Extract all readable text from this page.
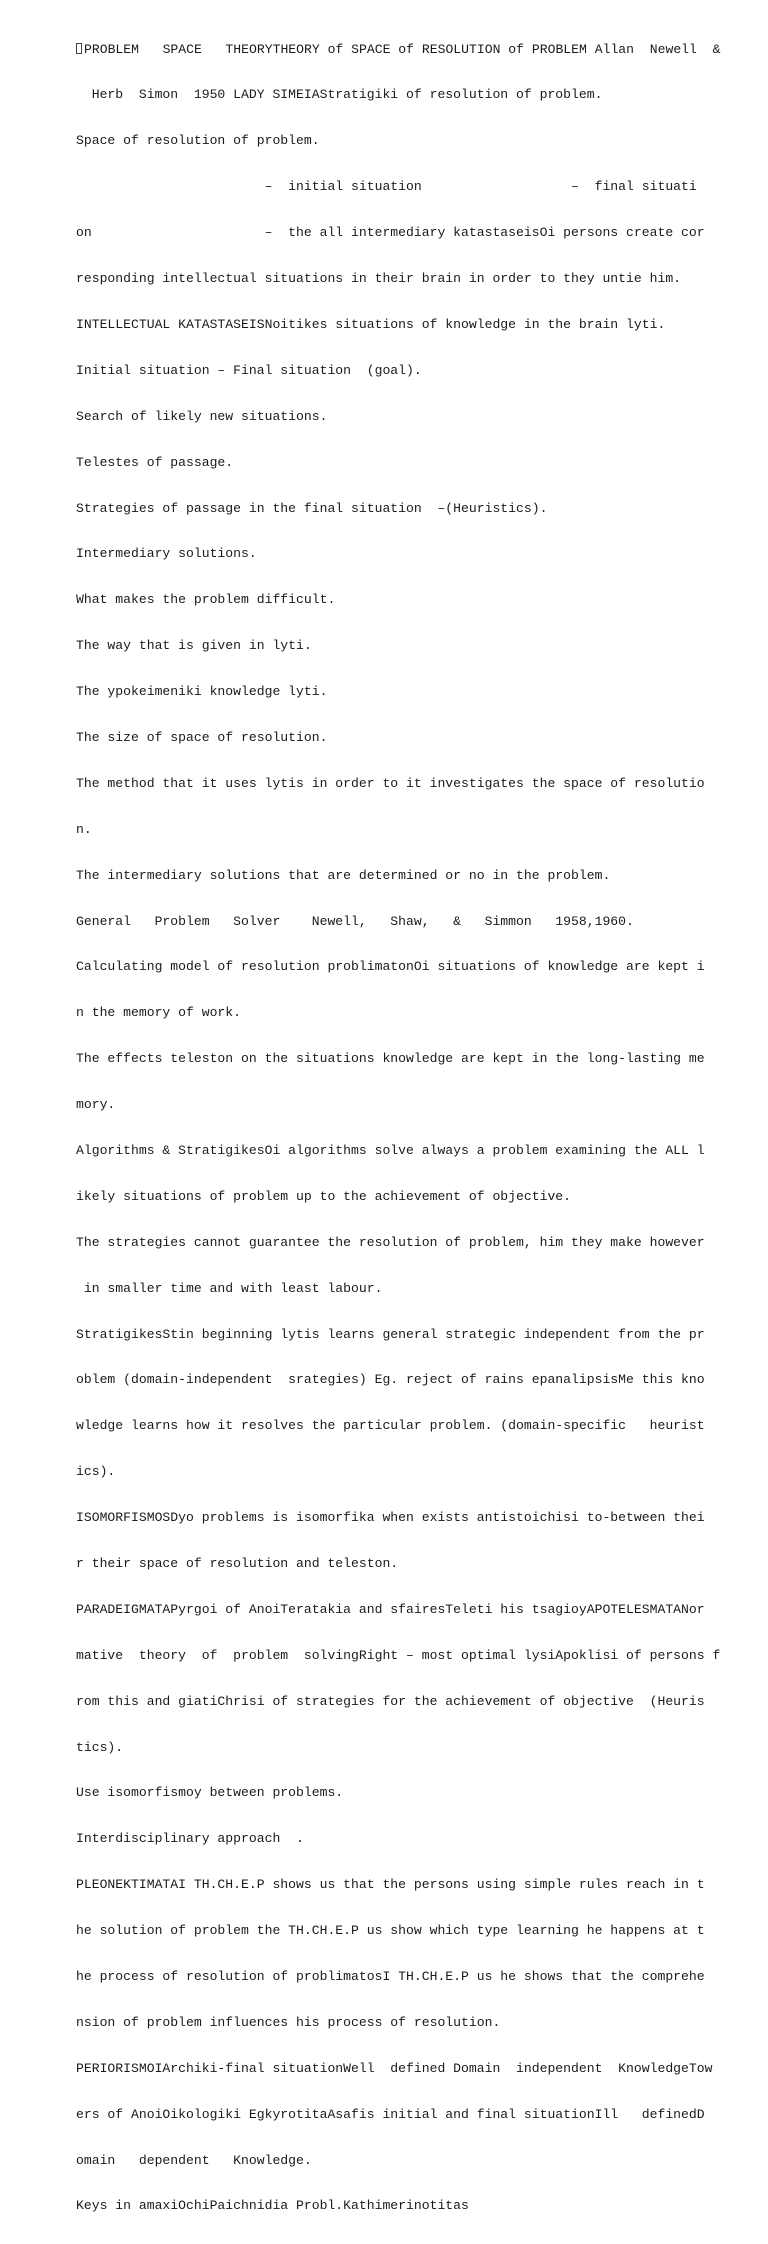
PROBLEM   SPACE   THEORYTHEORY of SPACE of RESOLUTION of PROBLEM Allan  Newell  &

Herb  Simon  1950 LADY SIMEIAStratigiki of resolution of problem.

Space of resolution of problem.

–  initial situation                   –  final situati

on                      –  the all intermediary katastaseisOi persons create cor

responding intellectual situations in their brain in order to they untie him.

INTELLECTUAL KATASTASEISNoitikes situations of knowledge in the brain lyti.

Initial situation – Final situation  (goal).

Search of likely new situations.

Telestes of passage.

Strategies of passage in the final situation  –(Heuristics).

Intermediary solutions.

What makes the problem difficult.

The way that is given in lyti.

The ypokeimeniki knowledge lyti.

The size of space of resolution.

The method that it uses lytis in order to it investigates the space of resolutio

n.

The intermediary solutions that are determined or no in the problem.

General   Problem   Solver    Newell,   Shaw,   &   Simmon   1958,1960.

Calculating model of resolution problimatonOi situations of knowledge are kept i

n the memory of work.

The effects teleston on the situations knowledge are kept in the long-lasting me

mory.

Algorithms & StratigikesOi algorithms solve always a problem examining the ALL l

ikely situations of problem up to the achievement of objective.

The strategies cannot guarantee the resolution of problem, him they make however

in smaller time and with least labour.

StratigikesStin beginning lytis learns general strategic independent from the pr

oblem (domain-independent  srategies) Eg. reject of rains epanalipsisMe this kno

wledge learns how it resolves the particular problem. (domain-specific   heurist

ics).

ISOMORFISMOSDyo problems is isomorfika when exists antistoichisi to-between thei

r their space of resolution and teleston.

PARADEIGMATAPyrgoi of AnoiTeratakia and sfairesTeleti his tsagioyAPOTELESMATANor

mative  theory  of  problem  solvingRight – most optimal lysiApoklisi of persons f

rom this and giatiChrisi of strategies for the achievement of objective  (Heuris

tics).

Use isomorfismoy between problems.

Interdisciplinary approach  .

PLEONEKTIMATAI TH.CH.E.P shows us that the persons using simple rules reach in t

he solution of problem the TH.CH.E.P us show which type learning he happens at t

he process of resolution of problimatosI TH.CH.E.P us he shows that the comprehe

nsion of problem influences his process of resolution.

PERIORISMOIArchiki-final situationWell  defined Domain  independent  KnowledgeTow

ers of AnoiOikologiki EgkyrotitaAsafis initial and final situationIll   definedD

omain   dependent   Knowledge.

Keys in amaxiOchiPaichnidia Probl.Kathimerinotitas
